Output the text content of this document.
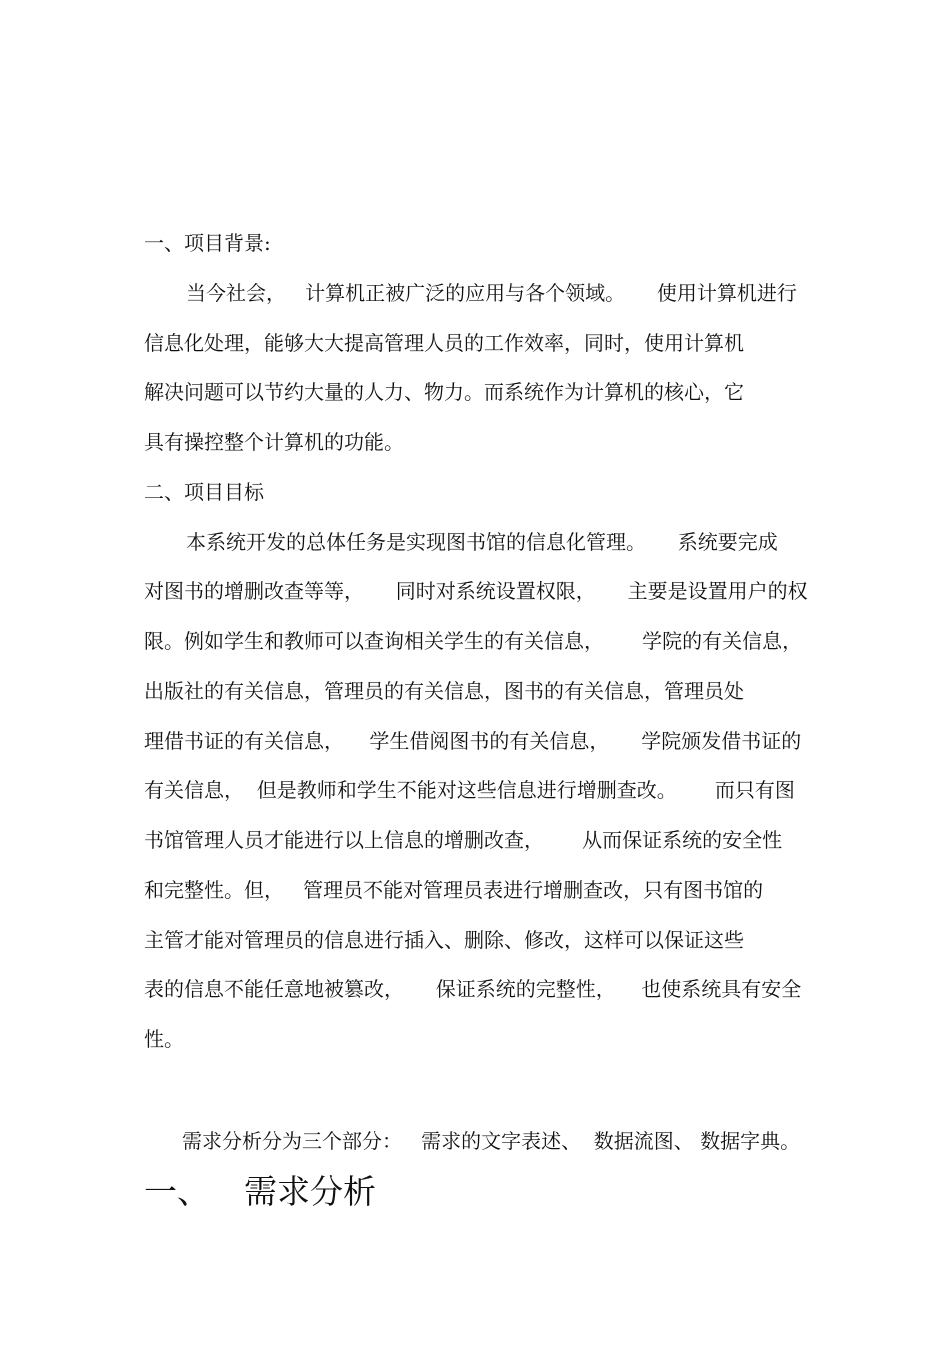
一、项目背景:

当今社会，   计算机正被广泛的应用与各个领域。     使用计算机进行

信息化处理，能够大大提高管理人员的工作效率，同时，使用计算机

解决问题可以节约大量的人力、物力。而系统作为计算机的核心，它

具有操控整个计算机的功能。

二、项目目标

本系统开发的总体任务是实现图书馆的信息化管理。     系统要完成

对图书的增删改查等等，     同时对系统设置权限，     主要是设置用户的权

限。例如学生和教师可以查询相关学生的有关信息，      学院的有关信息，

出版社的有关信息，管理员的有关信息，图书的有关信息，管理员处

理借书证的有关信息，    学生借阅图书的有关信息，     学院颁发借书证的

有关信息，  但是教师和学生不能对这些信息进行增删查改。      而只有图

书馆管理人员才能进行以上信息的增删改查，      从而保证系统的安全性

和完整性。但，   管理员不能对管理员表进行增删查改，只有图书馆的

主管才能对管理员的信息进行插入、删除、修改，这样可以保证这些

表的信息不能任意地被篡改，     保证系统的完整性，    也使系统具有安全

性。

需求分析分为三个部分：   需求的文字表述、  数据流图、 数据字典。

一、 需求分析
